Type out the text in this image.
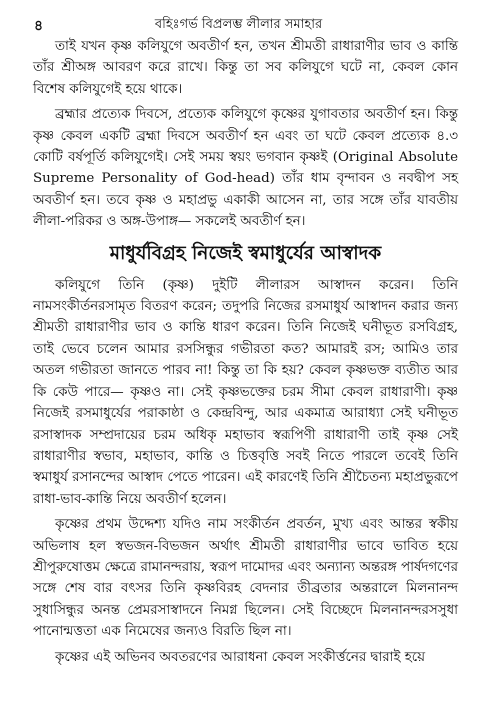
৪	বহিঃগর্ভ বিপ্রলম্ভ লীলার সমাহার

তাই যখন কৃষ্ণ কলিযুগে অবতীর্ণ হন, তখন শ্রীমতী রাধারাণীর ভাব ও কান্তি তাঁর শ্রীঅঙ্গ আবরণ করে রাখে। কিন্তু তা সব কলিযুগে ঘটে না, কেবল কোন বিশেষ কলিযুগেই হয়ে থাকে।

ব্রহ্মার প্রত্যেক দিবসে, প্রত্যেক কলিযুগে কৃষ্ণের যুগাবতার অবতীর্ণ হন। কিন্তু কৃষ্ণ কেবল একটি ব্রহ্মা দিবসে অবতীর্ণ হন এবং তা ঘটে কেবল প্রত্যেক ৪.৩ কোটি বর্ষপূর্তি কলিযুগেই। সেই সময় স্বয়ং ভগবান কৃষ্ণই (Original Absolute Supreme Personality of God-head) তাঁর ধাম বৃন্দাবন ও নবদ্বীপ সহ অবতীর্ণ হন। তবে কৃষ্ণ ও মহাপ্রভু একাকী আসেন না, তার সঙ্গে তাঁর যাবতীয় লীলা-পরিকর ও অঙ্গ-উপাঙ্গ— সকলেই অবতীর্ণ হন।

মাধুর্যবিগ্রহ নিজেই স্বমাধুর্যের আস্বাদক

কলিযুগে তিনি (কৃষ্ণ) দুইটি লীলারস আস্বাদন করেন। তিনি নামসংকীর্তনরসামৃত বিতরণ করেন; তদুপরি নিজের রসমাধুর্য আস্বাদন করার জন্য শ্রীমতী রাধারাণীর ভাব ও কান্তি ধারণ করেন। তিনি নিজেই ঘনীভূত রসবিগ্রহ, তাই ভেবে চলেন আমার রসসিন্ধুর গভীরতা কত? আমারই রস; আমিও তার অতল গভীরতা জানতে পারব না! কিন্তু তা কি হয়? কেবল কৃষ্ণভক্ত ব্যতীত আর কি কেউ পারে— কৃষ্ণও না। সেই কৃষ্ণভক্তের চরম সীমা কেবল রাধারাণী। কৃষ্ণ নিজেই রসমাধুর্যের পরাকাষ্ঠা ও কেন্দ্রবিন্দু, আর একমাত্র আরাধ্যা সেই ঘনীভূত রসাস্বাদক সম্প্রদায়ের চরম অধিকৃ মহাভাব স্বরূপিণী রাধারাণী তাই কৃষ্ণ সেই রাধারাণীর স্বভাব, মহাভাব, কান্তি ও চিত্তবৃত্তি সবই নিতে পারলে তবেই তিনি স্বমাধুর্য রসানন্দের আস্বাদ পেতে পারেন। এই কারণেই তিনি শ্রীচৈতন্য মহাপ্রভুরূপে রাধা-ভাব-কান্তি নিয়ে অবতীর্ণ হলেন।

কৃষ্ণের প্রথম উদ্দেশ্য যদিও নাম সংকীর্তন প্রবর্তন, মুখ্য এবং আন্তর স্বকীয় অভিলাষ হল স্বভজন-বিভজন অর্থাৎ শ্রীমতী রাধারাণীর ভাবে ভাবিত হয়ে শ্রীপুরুষোত্তম ক্ষেত্রে রামানন্দরায়, স্বরূপ দামোদর এবং অন্যান্য অন্তরঙ্গ পার্ষদগণের সঙ্গে শেষ বার বৎসর তিনি কৃষ্ণবিরহ বেদনার তীব্রতার অন্তরালে মিলনানন্দ সুধাসিন্ধুর অনন্ত প্রেমরসাস্বাদনে নিমগ্ন ছিলেন। সেই বিচ্ছেদে মিলনানন্দরসসুধা পানোন্মত্ততা এক নিমেষের জন্যও বিরতি ছিল না।

কৃষ্ণের এই অভিনব অবতরণের আরাধনা কেবল সংকীর্ত্তনের দ্বারাই হয়ে
